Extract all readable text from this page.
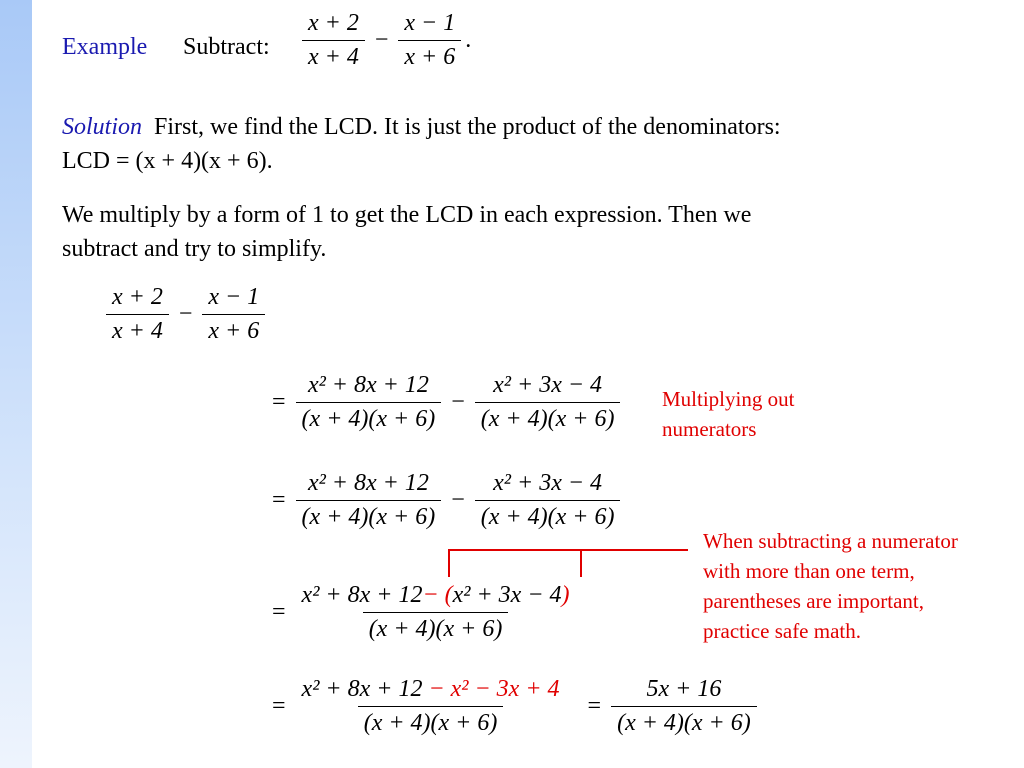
Example Subtract: $\frac{x + 2}{x + 4} - \frac{x - 1}{x + 6}$ .
Solution First, we find the LCD. It is just the product of the denominators:
LCD = (x + 4)(x + 6).
We multiply by a form of 1 to get the LCD in each expression. Then we
subtract and try to simplify.
$\frac{x + 2}{x + 4} - \frac{x - 1}{x + 6}$
= $\frac{\text{x² + 8x + 12}}{(x + 4)(x + 6)} - \frac{\text{x² + 3x − 4}}{(x + 4)(x + 6)}$ Multiplying out
numerators
= $\frac{\text{x² + 8x + 12}}{(x + 4)(x + 6)} - \frac{\text{x² + 3x − 4}}{(x + 4)(x + 6)}$
When subtracting a numerator
with more than one term,
parentheses are important,
practice safe math.
= $\frac{\text{x² + 8x + 12− (x² + 3x − 4)}}{(x + 4)(x + 6)}$
= $\frac{\text{x² + 8x + 12 − x² − 3x + 4}}{(x + 4)(x + 6)} = \frac{5x + 16}{(x + 4)(x + 6)}$
